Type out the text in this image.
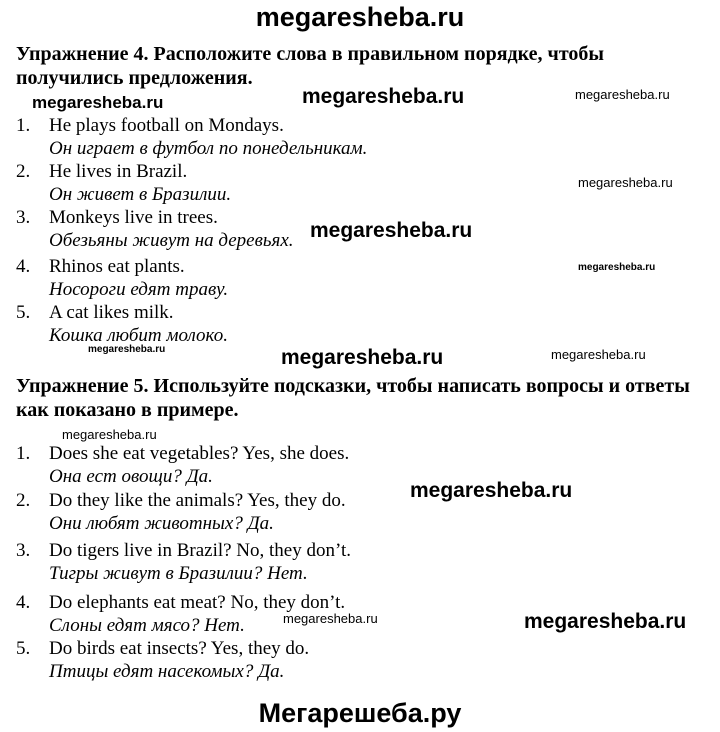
megaresheba.ru
Мегарешеба.ру
Упражнение 4. Расположите слова в правильном порядке, чтобы
получились предложения.
1. He plays football on Mondays.
Он играет в футбол по понедельникам.
2. He lives in Brazil.
Он живет в Бразилии.
3. Monkeys live in trees.
Обезьяны живут на деревьях.
4. Rhinos eat plants.
Носороги едят траву.
5. A cat likes milk.
Кошка любит молоко.
Упражнение 5. Используйте подсказки, чтобы написать вопросы и ответы
как показано в примере.
1. Does she eat vegetables? Yes, she does.
Она ест овощи? Да.
2. Do they like the animals? Yes, they do.
Они любят животных? Да.
3. Do tigers live in Brazil? No, they don’t.
Тигры живут в Бразилии? Нет.
4. Do elephants eat meat? No, they don’t.
Слоны едят мясо? Нет.
5. Do birds eat insects? Yes, they do.
Птицы едят насекомых? Да.
megaresheba.ru	megaresheba.ru	megaresheba.ru
megaresheba.ru
megaresheba.ru
megaresheba.ru
megaresheba.ru	megaresheba.ru	megaresheba.ru
megaresheba.ru
megaresheba.ru
megaresheba.ru	megaresheba.ru
